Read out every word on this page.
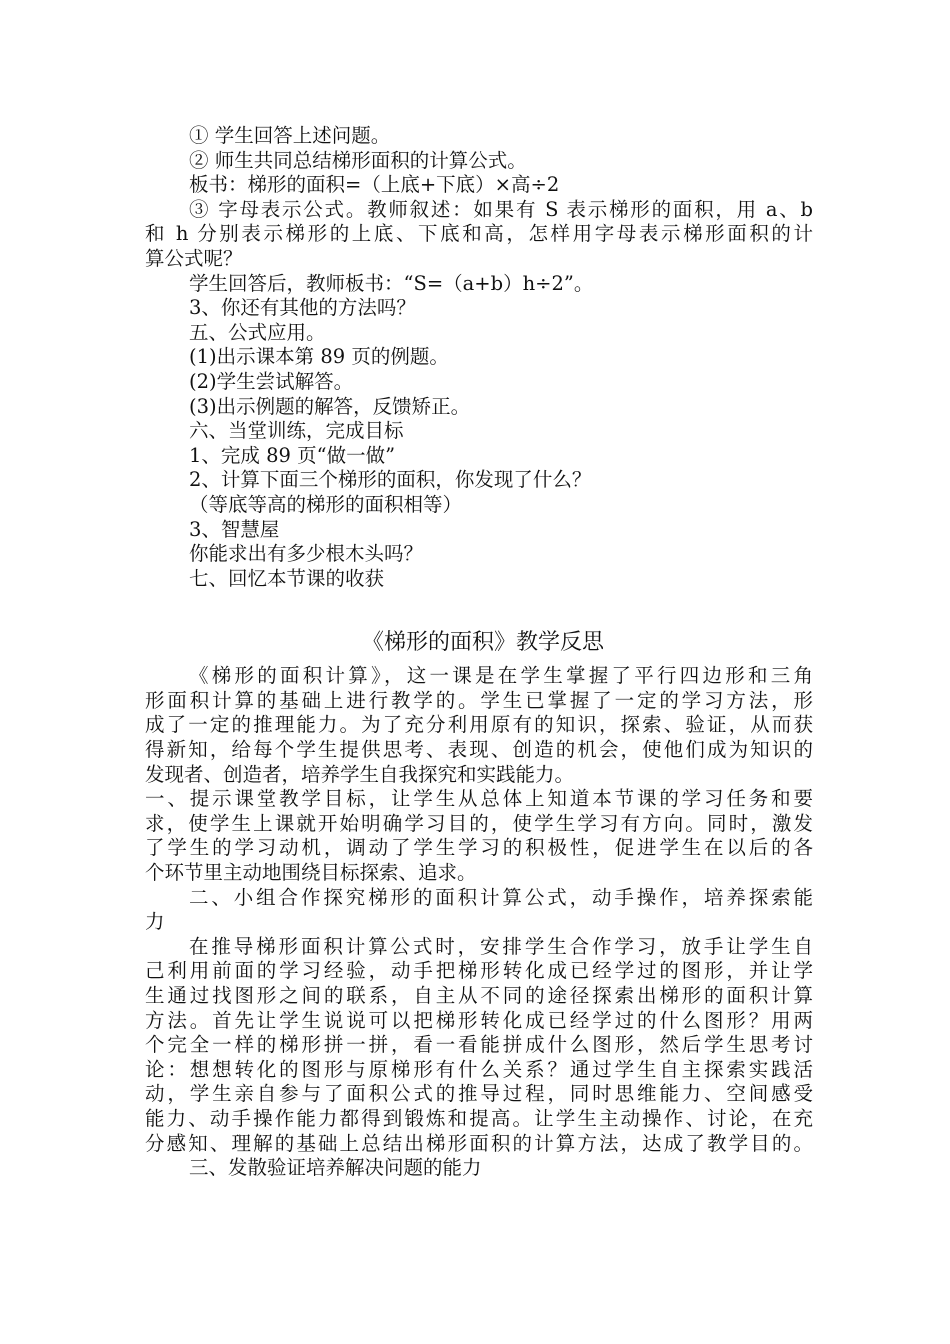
① 学生回答上述问题。
② 师生共同总结梯形面积的计算公式。
板书：梯形的面积=（上底+下底）×高÷2
③ 字母表示公式。教师叙述：如果有 S 表示梯形的面积，用 a、b
和 h 分别表示梯形的上底、下底和高，怎样用字母表示梯形面积的计
算公式呢？
学生回答后，教师板书：“S=（a+b）h÷2”。
3、你还有其他的方法吗？
五、公式应用。
(1)出示课本第 89 页的例题。
(2)学生尝试解答。
(3)出示例题的解答，反馈矫正。
六、当堂训练，完成目标
1、完成 89 页“做一做”
2、计算下面三个梯形的面积，你发现了什么？
（等底等高的梯形的面积相等）
3、智慧屋
你能求出有多少根木头吗？
七、回忆本节课的收获
《梯形的面积》教学反思
《梯形的面积计算》，这一课是在学生掌握了平行四边形和三角
形面积计算的基础上进行教学的。学生已掌握了一定的学习方法，形
成了一定的推理能力。为了充分利用原有的知识，探索、验证，从而获
得新知，给每个学生提供思考、表现、创造的机会，使他们成为知识的
发现者、创造者，培养学生自我探究和实践能力。
一、提示课堂教学目标，让学生从总体上知道本节课的学习任务和要
求，使学生上课就开始明确学习目的，使学生学习有方向。同时，激发
了学生的学习动机，调动了学生学习的积极性，促进学生在以后的各
个环节里主动地围绕目标探索、追求。
二、小组合作探究梯形的面积计算公式，动手操作，培养探索能
力
在推导梯形面积计算公式时，安排学生合作学习，放手让学生自
己利用前面的学习经验，动手把梯形转化成已经学过的图形，并让学
生通过找图形之间的联系，自主从不同的途径探索出梯形的面积计算
方法。首先让学生说说可以把梯形转化成已经学过的什么图形？用两
个完全一样的梯形拼一拼，看一看能拼成什么图形，然后学生思考讨
论：想想转化的图形与原梯形有什么关系？通过学生自主探索实践活
动，学生亲自参与了面积公式的推导过程，同时思维能力、空间感受
能力、动手操作能力都得到锻炼和提高。让学生主动操作、讨论，在充
分感知、理解的基础上总结出梯形面积的计算方法，达成了教学目的。
三、发散验证培养解决问题的能力
